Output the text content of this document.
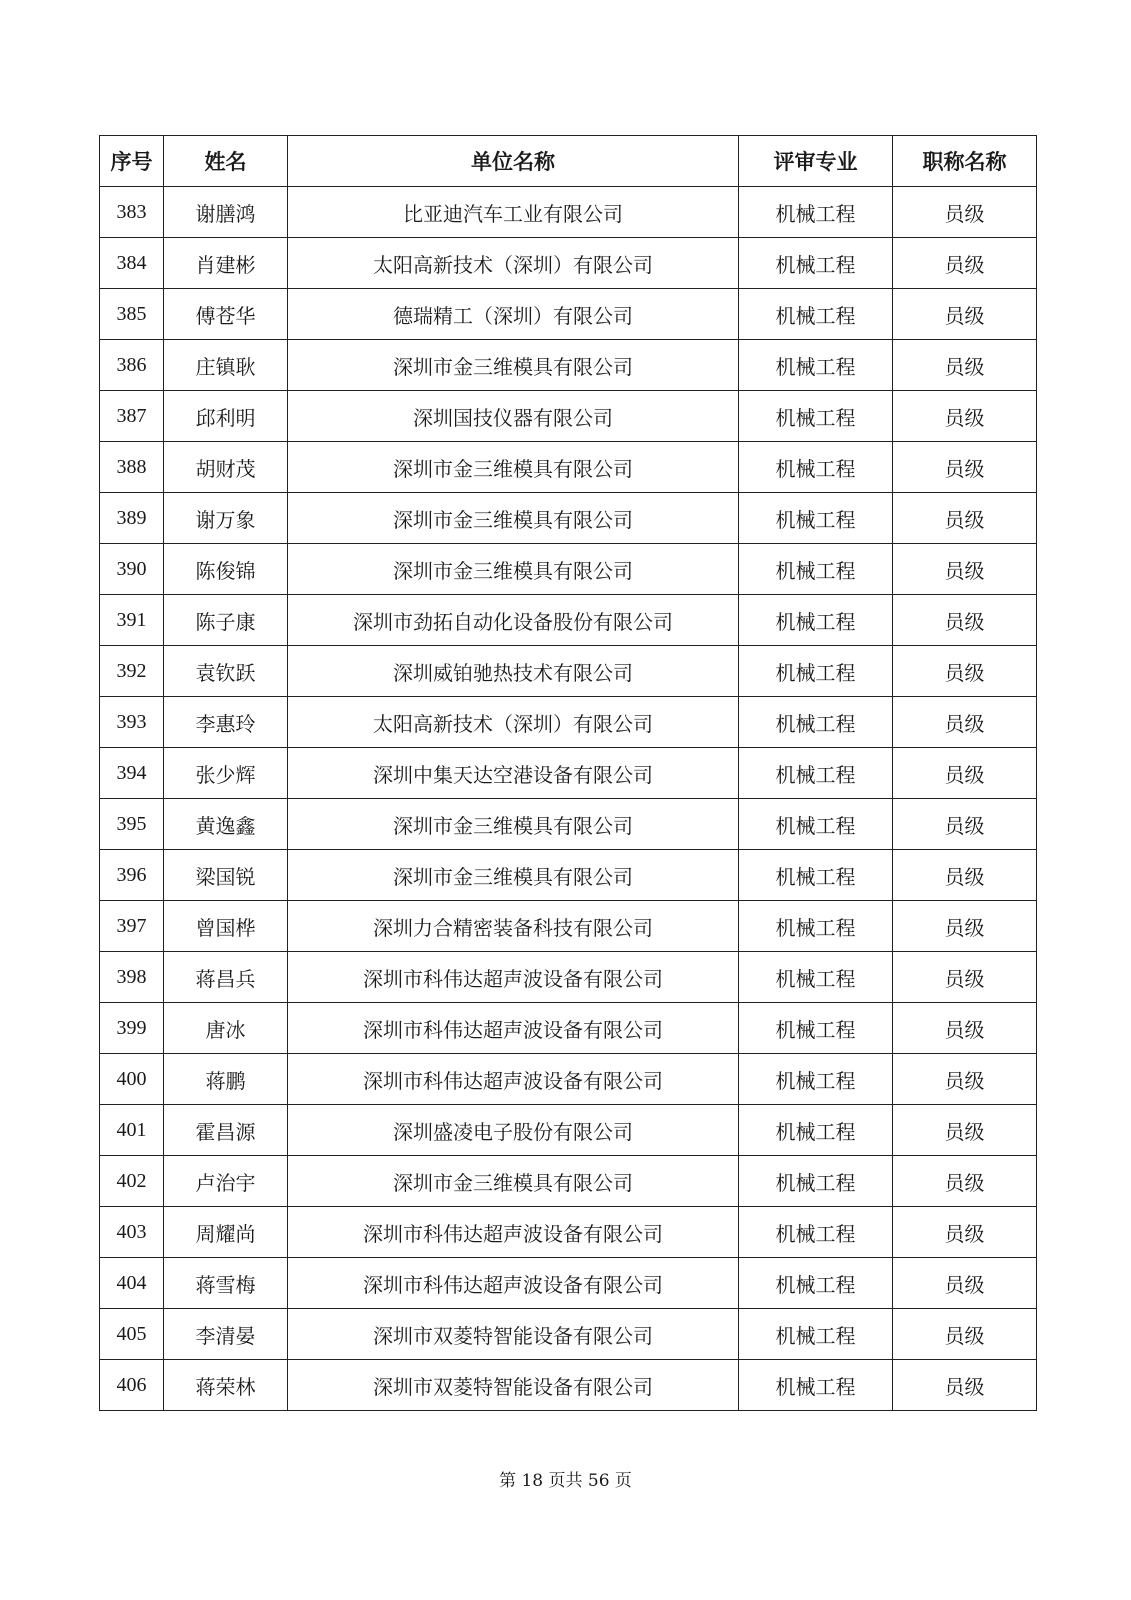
序号	姓名	单位名称	评审专业	职称名称
383	谢膳鸿	比亚迪汽车工业有限公司	机械工程	员级
384	肖建彬	太阳高新技术（深圳）有限公司	机械工程	员级
385	傅苍华	德瑞精工（深圳）有限公司	机械工程	员级
386	庄镇耿	深圳市金三维模具有限公司	机械工程	员级
387	邱利明	深圳国技仪器有限公司	机械工程	员级
388	胡财茂	深圳市金三维模具有限公司	机械工程	员级
389	谢万象	深圳市金三维模具有限公司	机械工程	员级
390	陈俊锦	深圳市金三维模具有限公司	机械工程	员级
391	陈子康	深圳市劲拓自动化设备股份有限公司	机械工程	员级
392	袁钦跃	深圳威铂驰热技术有限公司	机械工程	员级
393	李惠玲	太阳高新技术（深圳）有限公司	机械工程	员级
394	张少辉	深圳中集天达空港设备有限公司	机械工程	员级
395	黄逸鑫	深圳市金三维模具有限公司	机械工程	员级
396	梁国锐	深圳市金三维模具有限公司	机械工程	员级
397	曾国桦	深圳力合精密装备科技有限公司	机械工程	员级
398	蒋昌兵	深圳市科伟达超声波设备有限公司	机械工程	员级
399	唐冰	深圳市科伟达超声波设备有限公司	机械工程	员级
400	蒋鹏	深圳市科伟达超声波设备有限公司	机械工程	员级
401	霍昌源	深圳盛凌电子股份有限公司	机械工程	员级
402	卢治宇	深圳市金三维模具有限公司	机械工程	员级
403	周耀尚	深圳市科伟达超声波设备有限公司	机械工程	员级
404	蒋雪梅	深圳市科伟达超声波设备有限公司	机械工程	员级
405	李清晏	深圳市双菱特智能设备有限公司	机械工程	员级
406	蒋荣林	深圳市双菱特智能设备有限公司	机械工程	员级
第 18 页共 56 页
